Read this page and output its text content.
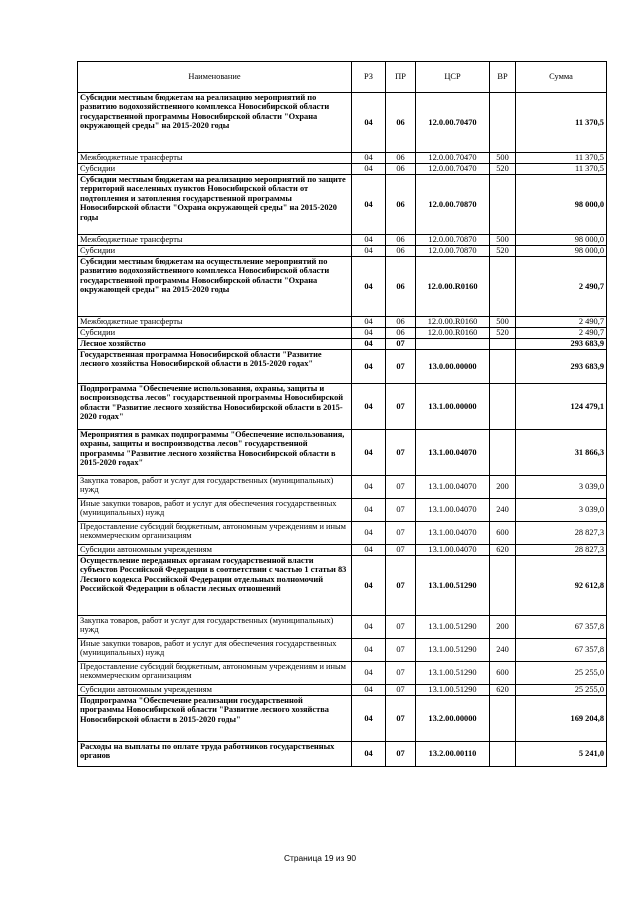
Наименование	РЗ	ПР	ЦСР	ВР	Сумма
Субсидии местным бюджетам на реализацию мероприятий по развитию водохозяйственного комплекса Новосибирской области государственной программы Новосибирской области "Охрана окружающей среды" на 2015-2020 годы	04	06	12.0.00.70470		11 370,5
Межбюджетные трансферты	04	06	12.0.00.70470	500	11 370,5
Субсидии	04	06	12.0.00.70470	520	11 370,5
Субсидии местным бюджетам на реализацию мероприятий по защите территорий населенных пунктов Новосибирской области от подтопления и затопления государственной программы Новосибирской области "Охрана окружающей среды" на 2015-2020 годы	04	06	12.0.00.70870		98 000,0
Межбюджетные трансферты	04	06	12.0.00.70870	500	98 000,0
Субсидии	04	06	12.0.00.70870	520	98 000,0
Субсидии местным бюджетам на осуществление мероприятий по развитию водохозяйственного комплекса Новосибирской области государственной программы Новосибирской области "Охрана окружающей среды" на 2015-2020 годы	04	06	12.0.00.R0160		2 490,7
Межбюджетные трансферты	04	06	12.0.00.R0160	500	2 490,7
Субсидии	04	06	12.0.00.R0160	520	2 490,7
Лесное хозяйство	04	07			293 683,9
Государственная программа Новосибирской области "Развитие лесного хозяйства Новосибирской области в 2015-2020 годах"	04	07	13.0.00.00000		293 683,9
Подпрограмма "Обеспечение использования, охраны, защиты и воспроизводства лесов" государственной программы Новосибирской области "Развитие лесного хозяйства Новосибирской области в 2015-2020 годах"	04	07	13.1.00.00000		124 479,1
Мероприятия в рамках подпрограммы "Обеспечение использования, охраны, защиты и воспроизводства лесов" государственной программы "Развитие лесного хозяйства Новосибирской области в 2015-2020 годах"	04	07	13.1.00.04070		31 866,3
Закупка товаров, работ и услуг для государственных (муниципальных) нужд	04	07	13.1.00.04070	200	3 039,0
Иные закупки товаров, работ и услуг для обеспечения государственных (муниципальных) нужд	04	07	13.1.00.04070	240	3 039,0
Предоставление субсидий бюджетным, автономным учреждениям и иным некоммерческим организациям	04	07	13.1.00.04070	600	28 827,3
Субсидии автономным учреждениям	04	07	13.1.00.04070	620	28 827,3
Осуществление переданных органам государственной власти субъектов Российской Федерации в соответствии с частью 1 статьи 83 Лесного кодекса Российской Федерации отдельных полномочий Российской Федерации в области лесных отношений	04	07	13.1.00.51290		92 612,8
Закупка товаров, работ и услуг для государственных (муниципальных) нужд	04	07	13.1.00.51290	200	67 357,8
Иные закупки товаров, работ и услуг для обеспечения государственных (муниципальных) нужд	04	07	13.1.00.51290	240	67 357,8
Предоставление субсидий бюджетным, автономным учреждениям и иным некоммерческим организациям	04	07	13.1.00.51290	600	25 255,0
Субсидии автономным учреждениям	04	07	13.1.00.51290	620	25 255,0
Подпрограмма "Обеспечение реализации государственной программы Новосибирской области "Развитие лесного хозяйства Новосибирской области в 2015-2020 годы"	04	07	13.2.00.00000		169 204,8
Расходы на выплаты по оплате труда работников государственных органов	04	07	13.2.00.00110		5 241,0
Страница 19 из 90
